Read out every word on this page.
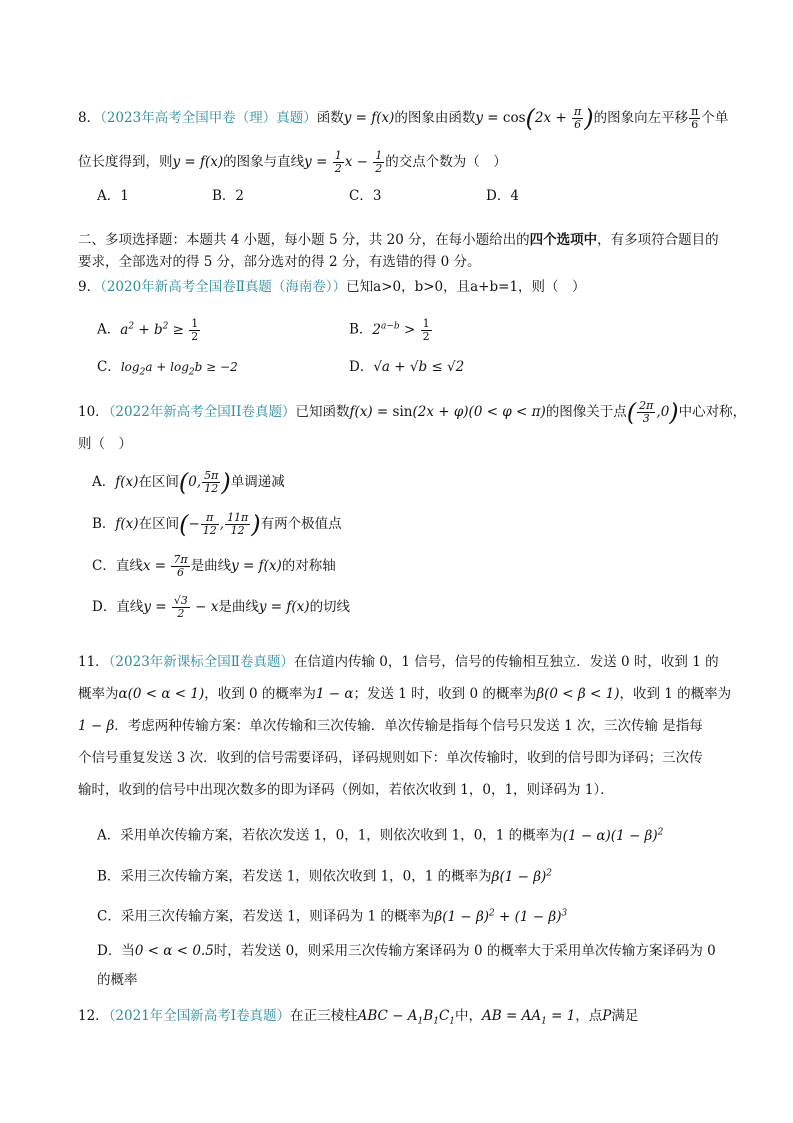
8．（2023年高考全国甲卷（理）真题）函数y = f(x)的图象由函数$y = \cos(2x + \frac{\pi}{6}$ )的图象向左平移 $\frac{\pi}{6}$ 个单
位长度得到，则y = f(x)的图象与直线$y = \frac{1}{2}$ $x - \frac{1}{2}$ 的交点个数为（　）
A．1	B．2	C．3	D．4
二、多项选择题：本题共 4 小题，每小题 5 分，共 20 分，在每小题给出的四个选项中，有多项符合题目的
要求，全部选对的得 5 分，部分选对的得 2 分，有选错的得 0 分。
9．（2020年新高考全国卷Ⅱ真题（海南卷））已知a>0，b>0，且a+b=1，则（　）
A．$a^2 + b^2 \ge \frac{1}{2}$	B．$2^{a-b} > \frac{1}{2}$
C．$\log_2a + \log_2b \ge -2$	D．√a + √b ≤ √2
10．（2022年新高考全国II卷真题）已知函数f(x) = sin(2x + φ)(0 < φ < π)的图像关于点( $\frac{2\pi}{3} ,0$)中心对称，
则（　）
A．f(x)在区间(0, $\frac{5\pi}{12}$ )单调递减
B．f(x)在区间(− $\frac{\pi}{12}$ , $\frac{11\pi}{12}$ )有两个极值点
C．直线$x = \frac{7\pi}{6}$ 是曲线y = f(x)的对称轴
D．直线$y = \frac{√3}{2} - x$是曲线y = f(x)的切线
11．（2023年新课标全国Ⅱ卷真题）在信道内传输 0，1 信号，信号的传输相互独立．发送 0 时，收到 1 的
概率为α(0 < α < 1)，收到 0 的概率为1 − α；发送 1 时，收到 0 的概率为β(0 < β < 1)，收到 1 的概率为
1 − β．考虑两种传输方案：单次传输和三次传输．单次传输是指每个信号只发送 1 次，三次传输 是指每
个信号重复发送 3 次．收到的信号需要译码，译码规则如下：单次传输时，收到的信号即为译码；三次传
输时，收到的信号中出现次数多的即为译码（例如，若依次收到 1，0，1，则译码为 1）．
A．采用单次传输方案，若依次发送 1，0，1，则依次收到 1，0，1 的概率为$(1 - \alpha)(1 - \beta)^2$
B．采用三次传输方案，若发送 1，则依次收到 1，0，1 的概率为$\beta(1 - \beta)^2$
C．采用三次传输方案，若发送 1，则译码为 1 的概率为$\beta(1 - \beta)^2 + (1 - \beta)^3$
D．当0 < α < 0.5时，若发送 0，则采用三次传输方案译码为 0 的概率大于采用单次传输方案译码为 0
的概率
12．（2021年全国新高考I卷真题）在正三棱柱ABC − $A_1B_1C_1$中，AB = $AA_1 = 1$，点P满足
